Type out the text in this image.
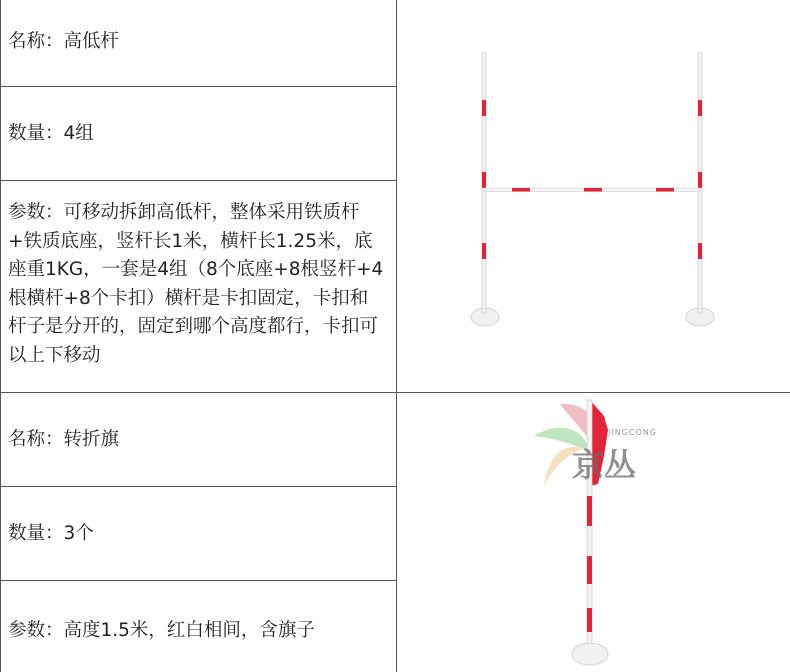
名称：高低杆
数量：4组
参数：可移动拆卸高低杆，整体采用铁质杆+铁质底座，竖杆长1米，横杆长1.25米，底座重1KG，一套是4组（8个底座+8根竖杆+4根横杆+8个卡扣）横杆是卡扣固定，卡扣和杆子是分开的，固定到哪个高度都行，卡扣可以上下移动
名称：转折旗
数量：3个
参数：高度1.5米，红白相间，含旗子
京丛
JINGCONG
